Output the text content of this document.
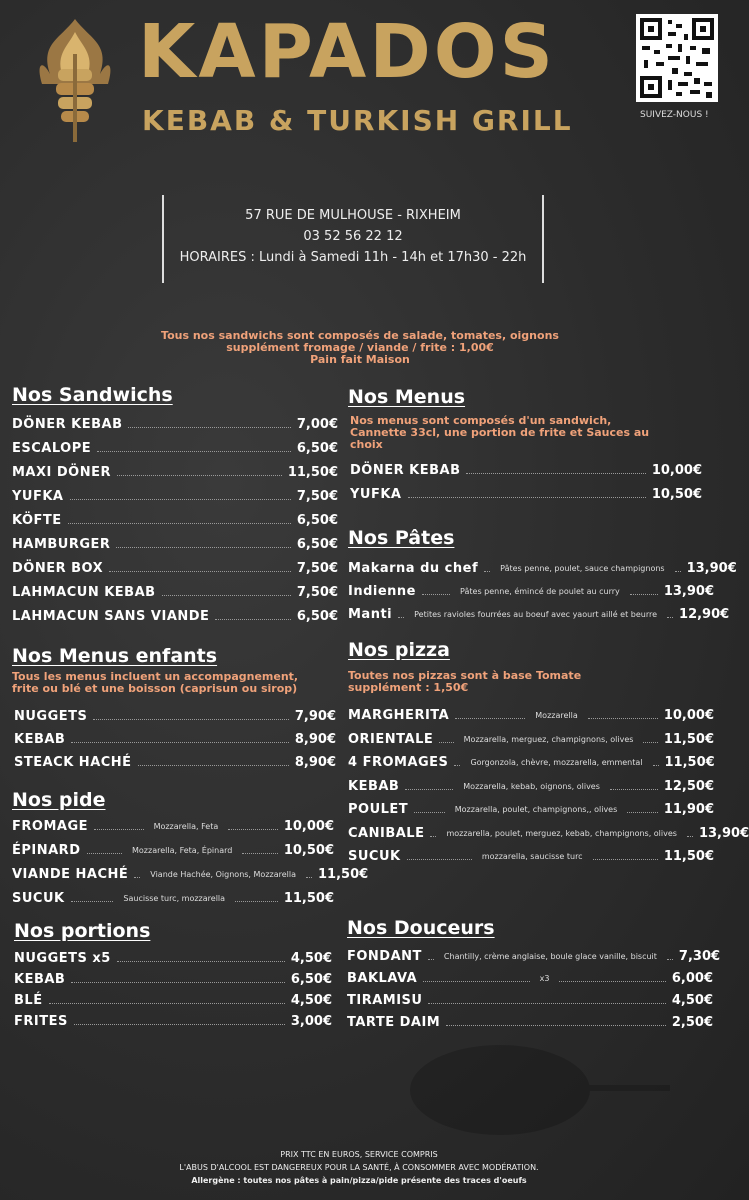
KAPADOS
KEBAB & TURKISH GRILL	SUIVEZ-NOUS !
57 RUE DE MULHOUSE - RIXHEIM
03 52 56 22 12
HORAIRES : Lundi à Samedi 11h - 14h et 17h30 - 22h
Tous nos sandwichs sont composés de salade, tomates, oignons
supplément fromage / viande / frite : 1,00€
Pain fait Maison
Nos Sandwichs
DÖNER KEBAB	7,00€
ESCALOPE	6,50€
MAXI DÖNER	11,50€
YUFKA	7,50€
KÖFTE	6,50€
HAMBURGER	6,50€
DÖNER BOX	7,50€
LAHMACUN KEBAB	7,50€
LAHMACUN SANS VIANDE	6,50€
Nos Menus enfants
Tous les menus incluent un accompagnement,
frite ou blé et une boisson (caprisun ou sirop)
NUGGETS	7,90€
KEBAB	8,90€
STEACK HACHÉ	8,90€
Nos pide
FROMAGE	Mozzarella, Feta	10,00€
ÉPINARD	Mozzarella, Feta, Épinard	10,50€
VIANDE HACHÉ	Viande Hachée, Oignons, Mozzarella 11,50€
SUCUK	Saucisse turc, mozzarella	11,50€
Nos portions
NUGGETS x5	4,50€
KEBAB	6,50€
BLÉ	4,50€
FRITES	3,00€
Nos Menus
Nos menus sont composés d'un sandwich,
Cannette 33cl, une portion de frite et Sauces au
choix
DÖNER KEBAB	10,00€
YUFKA	10,50€
Nos Pâtes
Makarna du chef	Pâtes penne, poulet, sauce champignons 13,90€
Indienne	Pâtes penne, émincé de poulet au curry	13,90€
Manti	Petites ravioles fourrées au boeuf avec yaourt aillé et beurre 12,90€
Nos pizza
Toutes nos pizzas sont à base Tomate
supplément : 1,50€
MARGHERITA	Mozzarella	10,00€
ORIENTALE	Mozzarella, merguez, champignons, olives 11,50€
4 FROMAGES	Gorgonzola, chèvre, mozzarella, emmental 11,50€
KEBAB	Mozzarella, kebab, oignons, olives	12,50€
POULET	Mozzarella, poulet, champignons,, olives	11,90€
CANIBALE	mozzarella, poulet, merguez, kebab, champignons, olives 13,90€
SUCUK	mozzarella, saucisse turc	11,50€
Nos Douceurs
FONDANT	Chantilly, crème anglaise, boule glace vanille, biscuit 7,30€
BAKLAVA	x3	6,00€
TIRAMISU	4,50€
TARTE DAIM	2,50€
PRIX TTC EN EUROS, SERVICE COMPRIS
L'ABUS D'ALCOOL EST DANGEREUX POUR LA SANTÉ, À CONSOMMER AVEC MODÉRATION.
Allergène : toutes nos pâtes à pain/pizza/pide présente des traces d'oeufs
